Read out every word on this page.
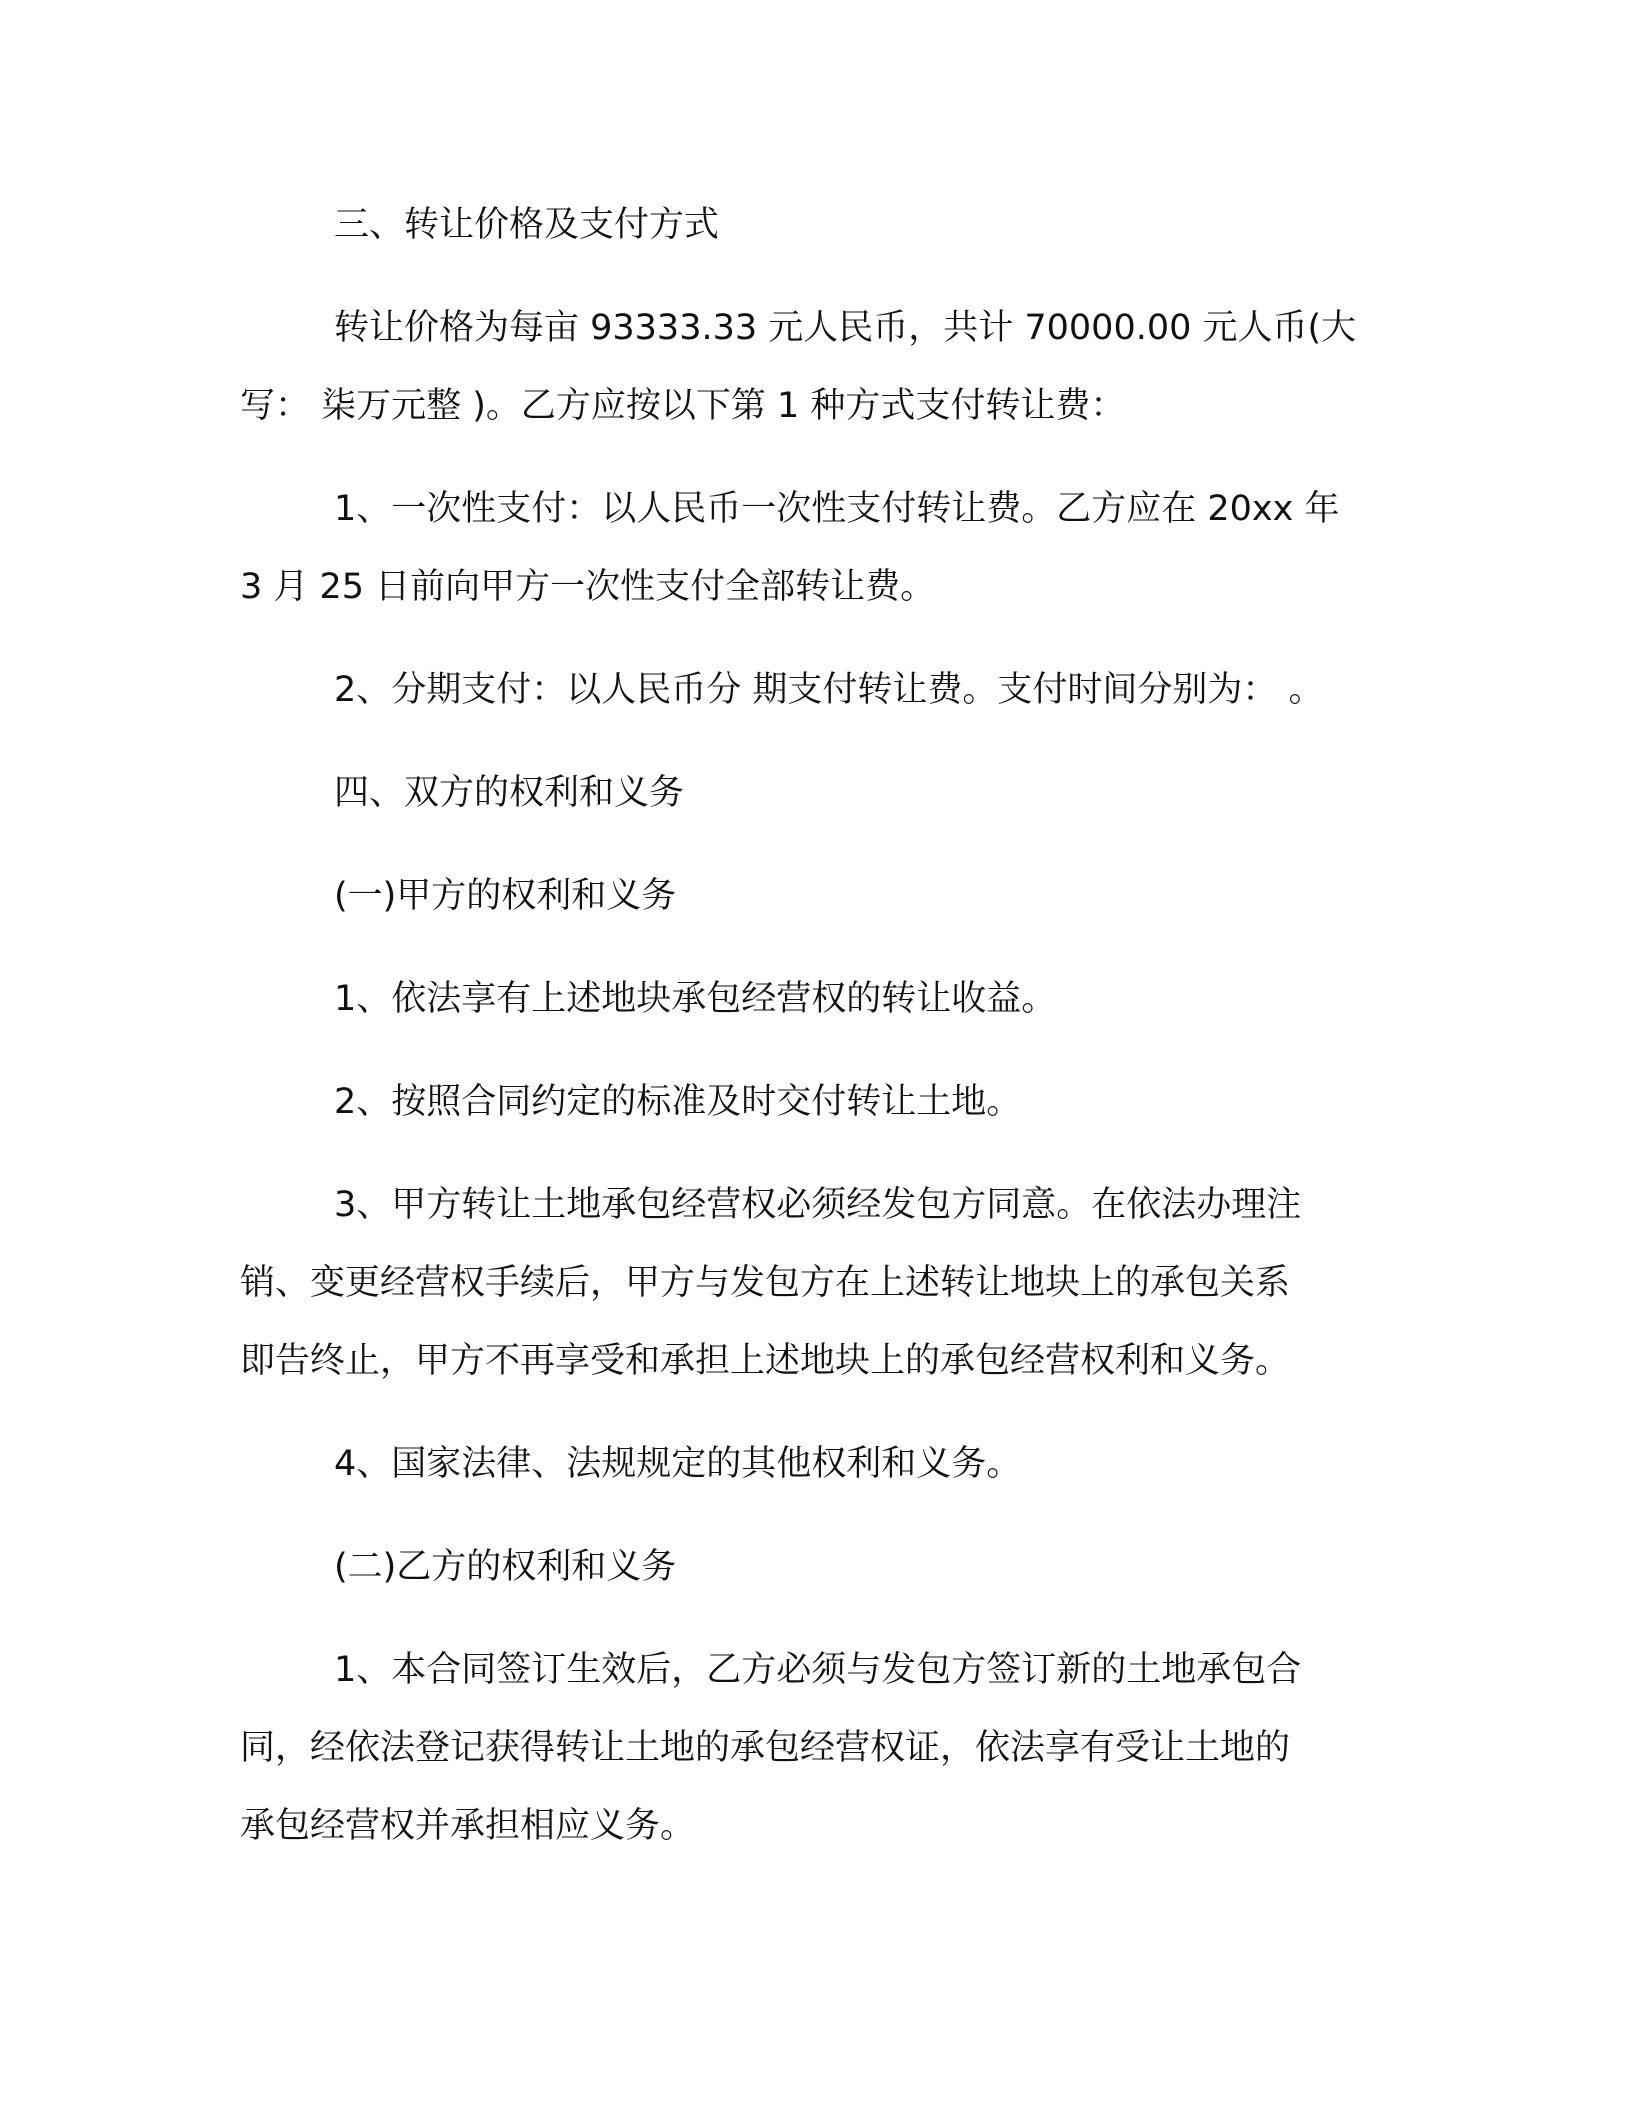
三、转让价格及支付方式
转让价格为每亩 93333.33 元人民币，共计 70000.00 元人币(大
写： 柒万元整 )。乙方应按以下第 1 种方式支付转让费：
1、一次性支付：以人民币一次性支付转让费。乙方应在 20xx 年
3 月 25 日前向甲方一次性支付全部转让费。
2、分期支付：以人民币分 期支付转让费。支付时间分别为： 。
四、双方的权利和义务
(一)甲方的权利和义务
1、依法享有上述地块承包经营权的转让收益。
2、按照合同约定的标准及时交付转让土地。
3、甲方转让土地承包经营权必须经发包方同意。在依法办理注
销、变更经营权手续后，甲方与发包方在上述转让地块上的承包关系
即告终止，甲方不再享受和承担上述地块上的承包经营权利和义务。
4、国家法律、法规规定的其他权利和义务。
(二)乙方的权利和义务
1、本合同签订生效后，乙方必须与发包方签订新的土地承包合
同，经依法登记获得转让土地的承包经营权证，依法享有受让土地的
承包经营权并承担相应义务。
